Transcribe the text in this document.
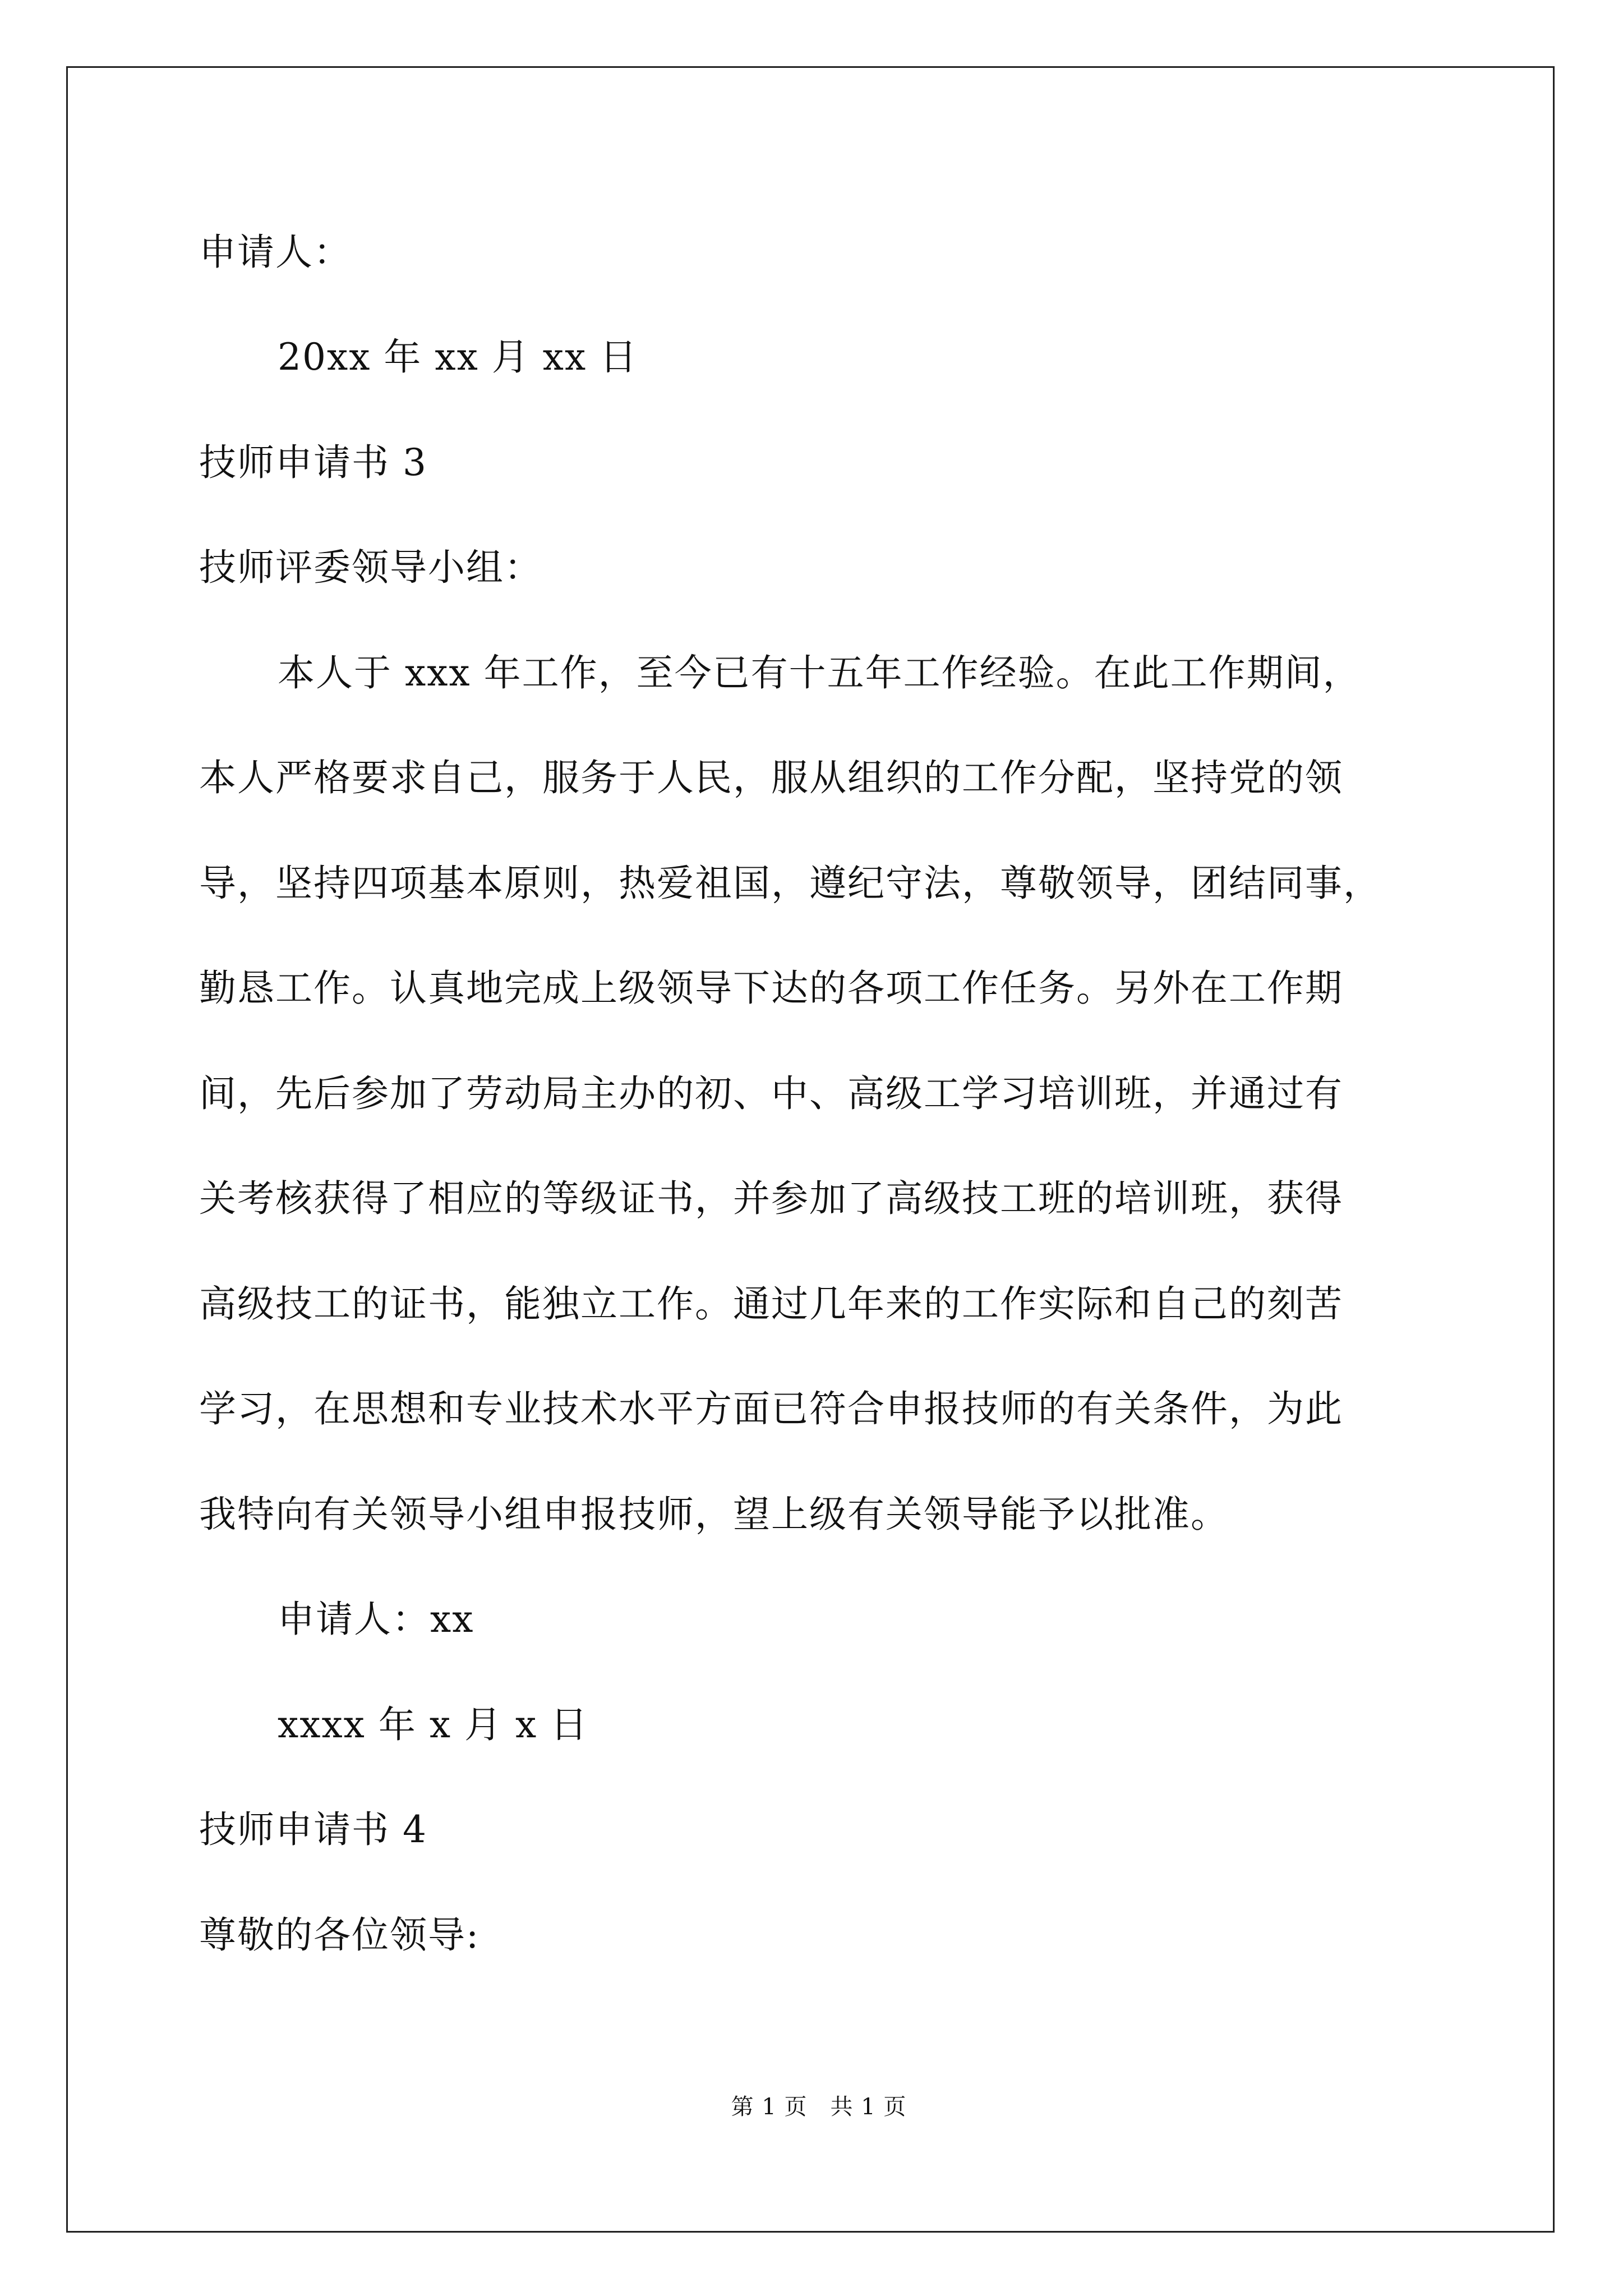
申请人：
20xx 年 xx 月 xx 日
技师申请书 3
技师评委领导小组：
本人于 xxx 年工作，至今已有十五年工作经验。在此工作期间，
本人严格要求自己，服务于人民，服从组织的工作分配，坚持党的领
导，坚持四项基本原则，热爱祖国，遵纪守法，尊敬领导，团结同事，
勤恳工作。认真地完成上级领导下达的各项工作任务。另外在工作期
间，先后参加了劳动局主办的初、中、高级工学习培训班，并通过有
关考核获得了相应的等级证书，并参加了高级技工班的培训班，获得
高级技工的证书，能独立工作。通过几年来的工作实际和自己的刻苦
学习，在思想和专业技术水平方面已符合申报技师的有关条件，为此
我特向有关领导小组申报技师，望上级有关领导能予以批准。
申请人：xx
xxxx 年 x 月 x 日
技师申请书 4
尊敬的各位领导:
第 1 页　共 1 页
